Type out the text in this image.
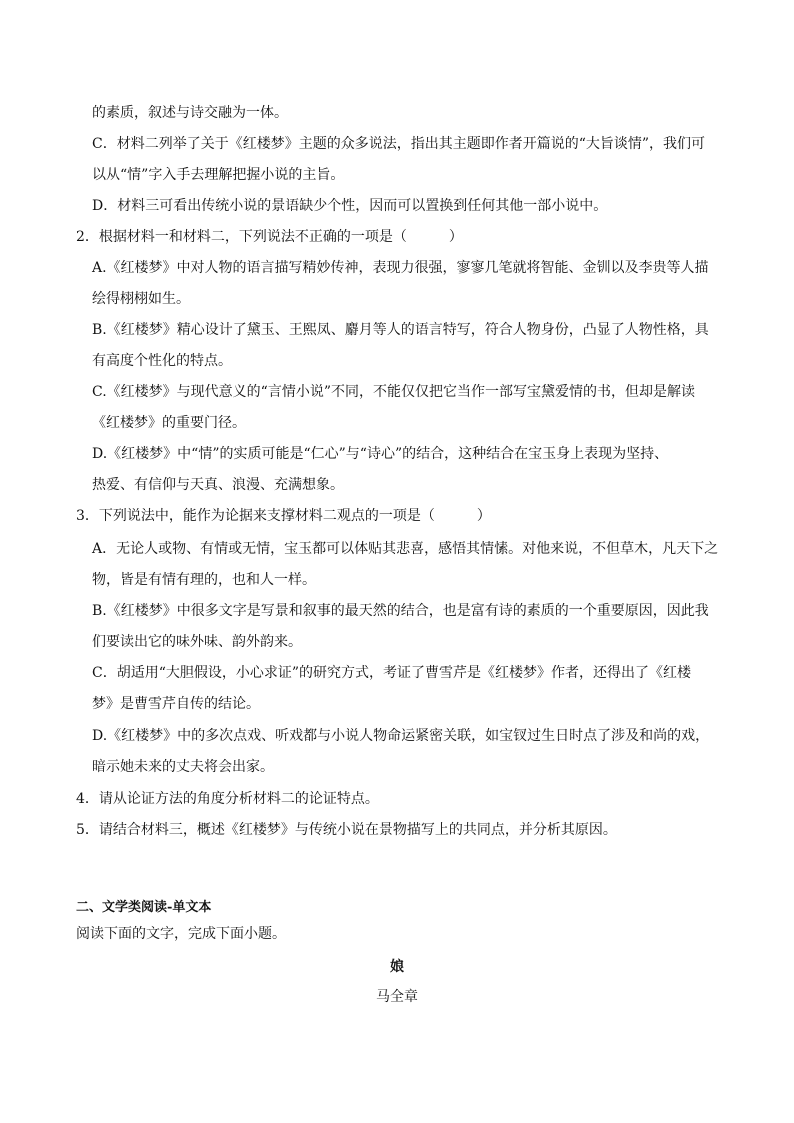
的素质，叙述与诗交融为一体。
C．材料二列举了关于《红楼梦》主题的众多说法，指出其主题即作者开篇说的“大旨谈情”，我们可
以从“情”字入手去理解把握小说的主旨。
D．材料三可看出传统小说的景语缺少个性，因而可以置换到任何其他一部小说中。
2．根据材料一和材料二，下列说法不正确的一项是（　　　）
A.《红楼梦》中对人物的语言描写精妙传神，表现力很强，寥寥几笔就将智能、金钏以及李贵等人描
绘得栩栩如生。
B.《红楼梦》精心设计了黛玉、王熙凤、麝月等人的语言特写，符合人物身份，凸显了人物性格，具
有高度个性化的特点。
C.《红楼梦》与现代意义的“言情小说”不同，不能仅仅把它当作一部写宝黛爱情的书，但却是解读
《红楼梦》的重要门径。
D.《红楼梦》中“情”的实质可能是“仁心”与“诗心”的结合，这种结合在宝玉身上表现为坚持、
热爱、有信仰与天真、浪漫、充满想象。
3．下列说法中，能作为论据来支撑材料二观点的一项是（　　　）
A．无论人或物、有情或无情，宝玉都可以体贴其悲喜，感悟其情愫。对他来说，不但草木，凡天下之
物，皆是有情有理的，也和人一样。
B.《红楼梦》中很多文字是写景和叙事的最天然的结合，也是富有诗的素质的一个重要原因，因此我
们要读出它的味外味、韵外韵来。
C．胡适用“大胆假设，小心求证”的研究方式，考证了曹雪芹是《红楼梦》作者，还得出了《红楼
梦》是曹雪芹自传的结论。
D.《红楼梦》中的多次点戏、听戏都与小说人物命运紧密关联，如宝钗过生日时点了涉及和尚的戏，
暗示她未来的丈夫将会出家。
4．请从论证方法的角度分析材料二的论证特点。
5．请结合材料三，概述《红楼梦》与传统小说在景物描写上的共同点，并分析其原因。
二、文学类阅读-单文本
阅读下面的文字，完成下面小题。
娘
马全章
